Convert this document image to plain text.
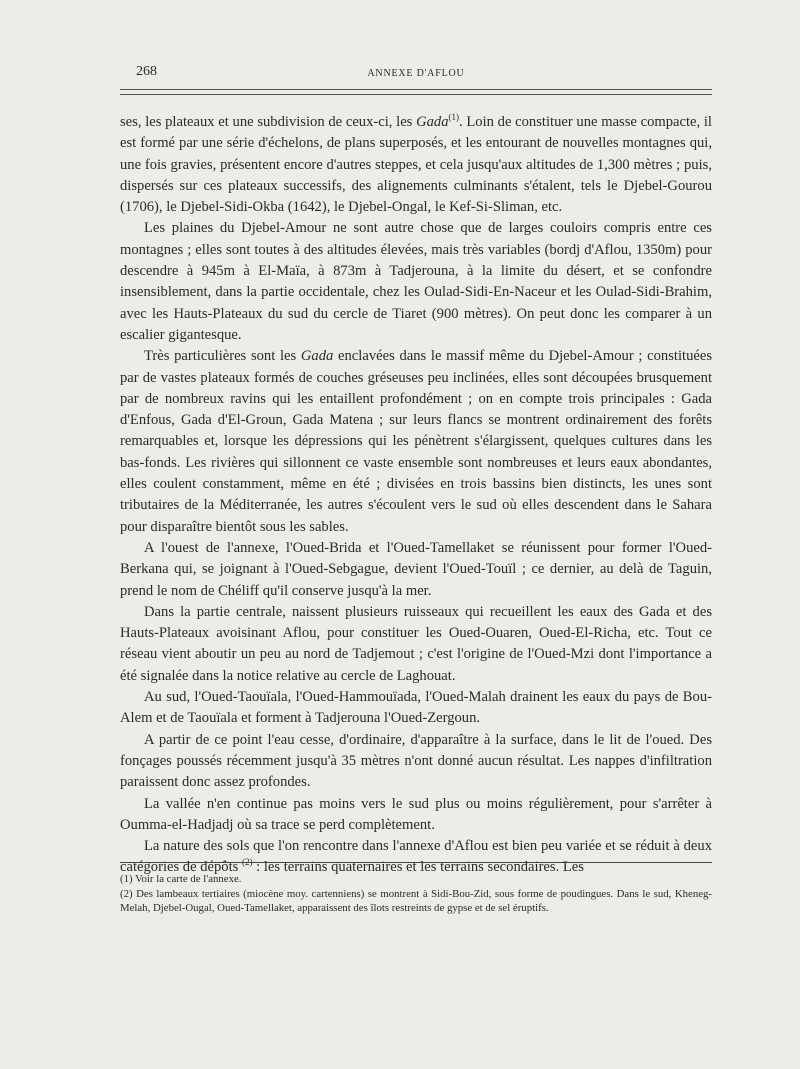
268	ANNEXE D'AFLOU

ses, les plateaux et une subdivision de ceux-ci, les Gada$^{(1)}$. Loin de constituer une masse compacte, il est formé par une série d'échelons, de plans superposés, et les entourant de nouvelles montagnes qui, une fois gravies, présentent encore d'autres steppes, et cela jusqu'aux altitudes de 1,300 mètres ; puis, dispersés sur ces plateaux successifs, des alignements culminants s'étalent, tels le Djebel-Gourou (1706), le Djebel-Sidi-Okba (1642), le Djebel-Ongal, le Kef-Si-Sliman, etc.

Les plaines du Djebel-Amour ne sont autre chose que de larges couloirs compris entre ces montagnes ; elles sont toutes à des altitudes élevées, mais très variables (bordj d'Aflou, 1350m) pour descendre à 945m à El-Maïa, à 873m à Tadjerouna, à la limite du désert, et se confondre insensiblement, dans la partie occidentale, chez les Oulad-Sidi-En-Naceur et les Oulad-Sidi-Brahim, avec les Hauts-Plateaux du sud du cercle de Tiaret (900 mètres). On peut donc les comparer à un escalier gigantesque.

Très particulières sont les Gada enclavées dans le massif même du Djebel-Amour ; constituées par de vastes plateaux formés de couches gréseuses peu inclinées, elles sont découpées brusquement par de nombreux ravins qui les entaillent profondément ; on en compte trois principales : Gada d'Enfous, Gada d'El-Groun, Gada Matena ; sur leurs flancs se montrent ordinairement des forêts remarquables et, lorsque les dépressions qui les pénètrent s'élargissent, quelques cultures dans les bas-fonds. Les rivières qui sillonnent ce vaste ensemble sont nombreuses et leurs eaux abondantes, elles coulent constamment, même en été ; divisées en trois bassins bien distincts, les unes sont tributaires de la Méditerranée, les autres s'écoulent vers le sud où elles descendent dans le Sahara pour disparaître bientôt sous les sables.

A l'ouest de l'annexe, l'Oued-Brida et l'Oued-Tamellaket se réunissent pour former l'Oued-Berkana qui, se joignant à l'Oued-Sebgague, devient l'Oued-Touïl ; ce dernier, au delà de Taguin, prend le nom de Chéliff qu'il conserve jusqu'à la mer.

Dans la partie centrale, naissent plusieurs ruisseaux qui recueillent les eaux des Gada et des Hauts-Plateaux avoisinant Aflou, pour constituer les Oued-Ouaren, Oued-El-Richa, etc. Tout ce réseau vient aboutir un peu au nord de Tadjemout ; c'est l'origine de l'Oued-Mzi dont l'importance a été signalée dans la notice relative au cercle de Laghouat.

Au sud, l'Oued-Taouïala, l'Oued-Hammouïada, l'Oued-Malah drainent les eaux du pays de Bou-Alem et de Taouïala et forment à Tadjerouna l'Oued-Zergoun.

A partir de ce point l'eau cesse, d'ordinaire, d'apparaître à la surface, dans le lit de l'oued. Des fonçages poussés récemment jusqu'à 35 mètres n'ont donné aucun résultat. Les nappes d'infiltration paraissent donc assez profondes.

La vallée n'en continue pas moins vers le sud plus ou moins régulièrement, pour s'arrêter à Oumma-el-Hadjadj où sa trace se perd complètement.

La nature des sols que l'on rencontre dans l'annexe d'Aflou est bien peu variée et se réduit à deux catégories de dépôts $^{(2)}$ : les terrains quaternaires et les terrains secondaires. Les

(1) Voir la carte de l'annexe.

(2) Des lambeaux tertiaires (miocène moy. cartenniens) se montrent à Sidi-Bou-Zid, sous forme de poudingues. Dans le sud, Kheneg-Melah, Djebel-Ougal, Oued-Tamellaket, apparaissent des îlots restreints de gypse et de sel éruptifs.
